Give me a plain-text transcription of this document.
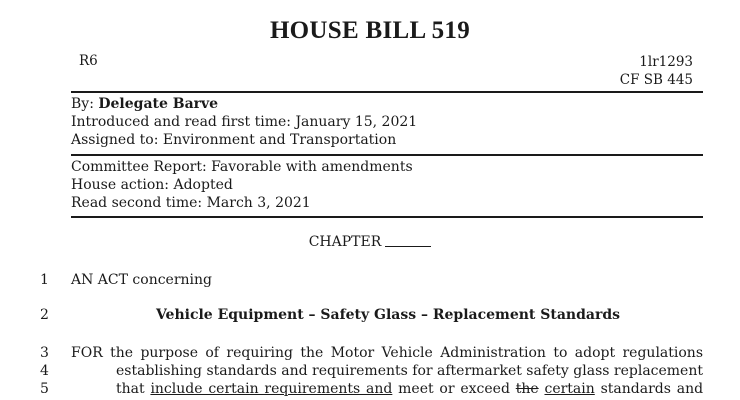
HOUSE BILL 519
R6	1lr1293
CF SB 445
By: Delegate Barve
Introduced and read first time: January 15, 2021
Assigned to: Environment and Transportation
Committee Report: Favorable with amendments
House action: Adopted
Read second time: March 3, 2021
CHAPTER
1	AN ACT concerning
2	Vehicle Equipment – Safety Glass – Replacement Standards
3	FOR the purpose of requiring the Motor Vehicle Administration to adopt regulations
4	establishing standards and requirements for aftermarket safety glass replacement
5	that include certain requirements and meet or exceed the certain standards and
